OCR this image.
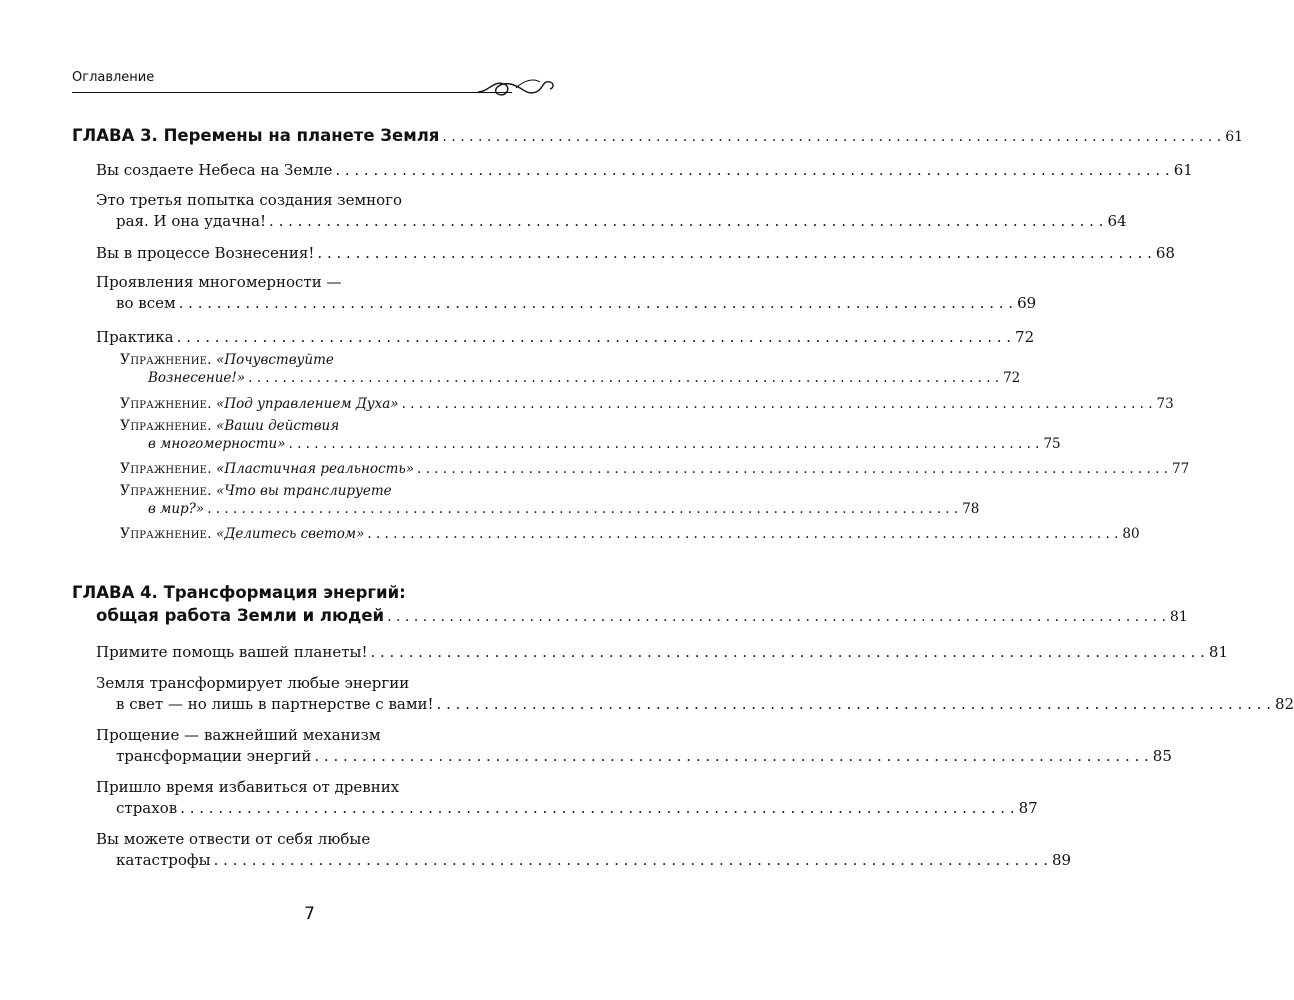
Оглавление
ГЛАВА 3. Перемены на планете Земля . . .	61
Вы создаете Небеса на Земле . . .	61
Это третья попытка создания земного
рая. И она удачна! . . .	64
Вы в процессе Вознесения! . . .	68
Проявления многомерности —
во всем . . .	69
Практика . . .	72
Упражнение.
«Почувствуйте
Вознесение!» . . .	72
Упражнение.
«Под управлением Духа» . . .	73
Упражнение.
«Ваши действия
в многомерности» . . .	75
Упражнение.
«Пластичная реальность» . . .	77
Упражнение.
«Что вы транслируете
в мир?» . . .	78
Упражнение.
«Делитесь светом» . . .	80
ГЛАВА 4. Трансформация энергий:
общая работа Земли и людей . . .	81
Примите помощь вашей планеты! . . .	81
Земля трансформирует любые энергии
в свет — но лишь в партнерстве с вами! . . .	82
Прощение — важнейший механизм
трансформации энергий . . .	85
Пришло время избавиться от древних
страхов . . .	87
Вы можете отвести от себя любые
катастрофы . . .	89
7
